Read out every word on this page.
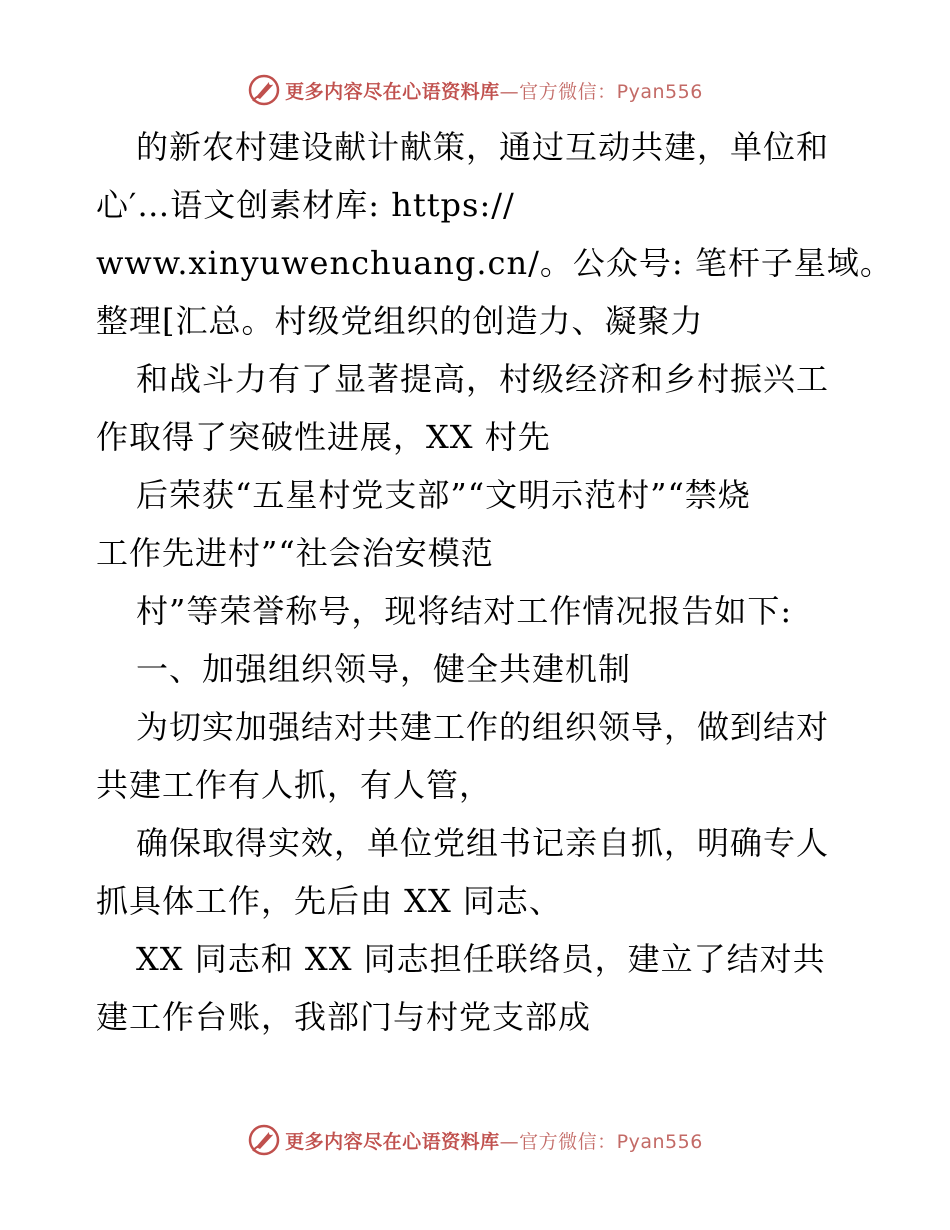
更多内容尽在心语资料库—官方微信：Pyan556
的新农村建设献计献策，通过互动共建，单位和
心′…语文创素材库: https://
www.xinyuwenchuang.cn/。公众号: 笔杆子星域。
整理[汇总。村级党组织的创造力、凝聚力
和战斗力有了显著提高，村级经济和乡村振兴工
作取得了突破性进展，XX 村先
后荣获“五星村党支部”“文明示范村”“禁烧
工作先进村”“社会治安模范
村”等荣誉称号，现将结对工作情况报告如下:
一、加强组织领导，健全共建机制
为切实加强结对共建工作的组织领导，做到结对
共建工作有人抓，有人管，
确保取得实效，单位党组书记亲自抓，明确专人
抓具体工作，先后由 XX 同志、
XX 同志和 XX 同志担任联络员，建立了结对共
建工作台账，我部门与村党支部成
更多内容尽在心语资料库—官方微信：Pyan556
